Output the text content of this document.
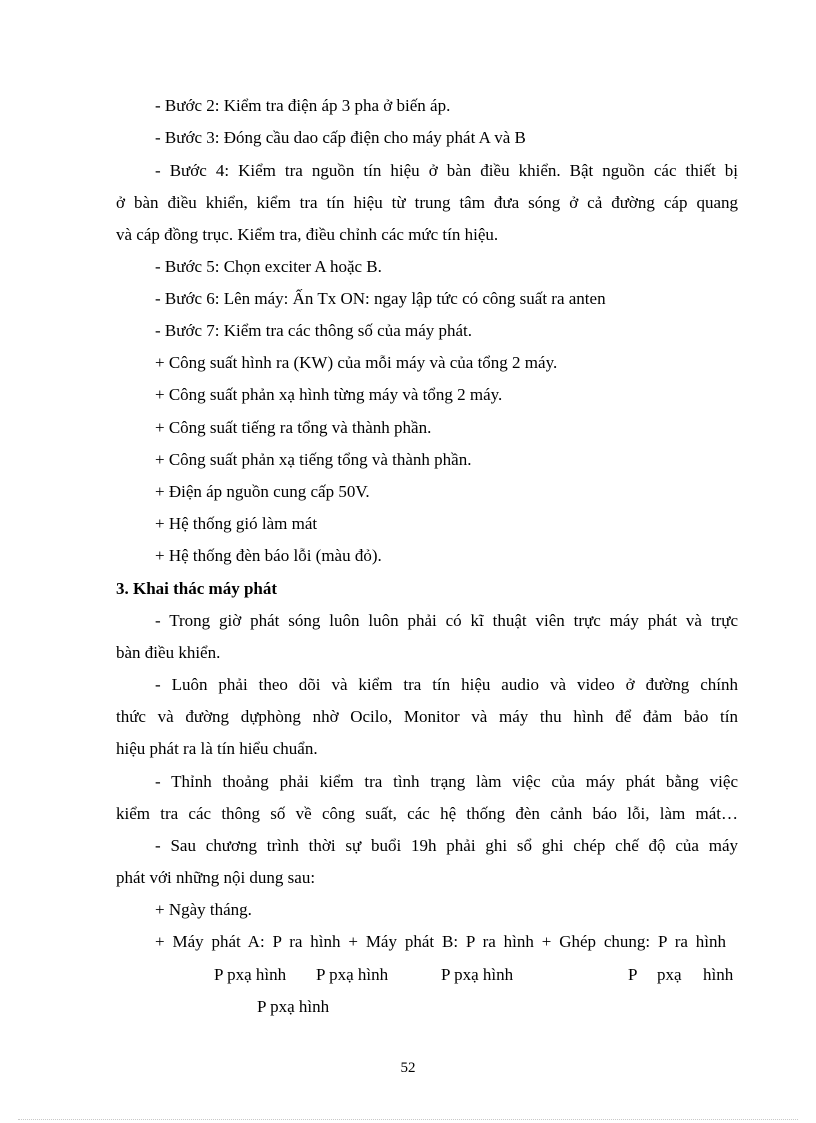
- Bước 2: Kiểm tra điện áp 3 pha ở biến áp.
- Bước 3: Đóng cầu dao cấp điện cho máy phát A và B
- Bước 4: Kiểm tra nguồn tín hiệu ở bàn điều khiển. Bật nguồn các thiết bị
ở bàn điều khiển, kiểm tra tín hiệu từ trung tâm đưa sóng ở cả đường cáp quang
và cáp đồng trục. Kiểm tra, điều chỉnh các mức tín hiệu.
- Bước 5: Chọn exciter A hoặc B.
- Bước 6: Lên máy: Ấn Tx ON: ngay lập tức có công suất ra anten
- Bước 7: Kiểm tra các thông số của máy phát.
+ Công suất hình ra (KW) của mỗi máy và của tổng 2 máy.
+ Công suất phản xạ hình từng máy và tổng 2 máy.
+ Công suất tiếng ra tổng và thành phần.
+ Công suất phản xạ tiếng tổng và thành phần.
+ Điện áp nguồn cung cấp 50V.
+ Hệ thống gió làm mát
+ Hệ thống đèn báo lỗi (màu đỏ).
3. Khai thác máy phát
- Trong giờ phát sóng luôn luôn phải có kĩ thuật viên trực máy phát và trực
bàn điều khiển.
- Luôn phải theo dõi và kiểm tra tín hiệu audio và video ở đường chính
thức và đường dựphòng nhờ Ocilo, Monitor và máy thu hình để đảm bảo tín
hiệu phát ra là tín hiểu chuẩn.
- Thỉnh thoảng phải kiểm tra tình trạng làm việc của máy phát bằng việc
kiểm tra các thông số về công suất, các hệ thống đèn cảnh báo lỗi, làm mát…
- Sau chương trình thời sự buổi 19h phải ghi sổ ghi chép chế độ của máy
phát với những nội dung sau:
+ Ngày tháng.
+ Máy phát A: P ra hình + Máy phát B: P ra hình + Ghép chung: P ra hình
P pxạ hình P pxạ hình	P pxạ hình	P pxạ hình
P pxạ hình
52
